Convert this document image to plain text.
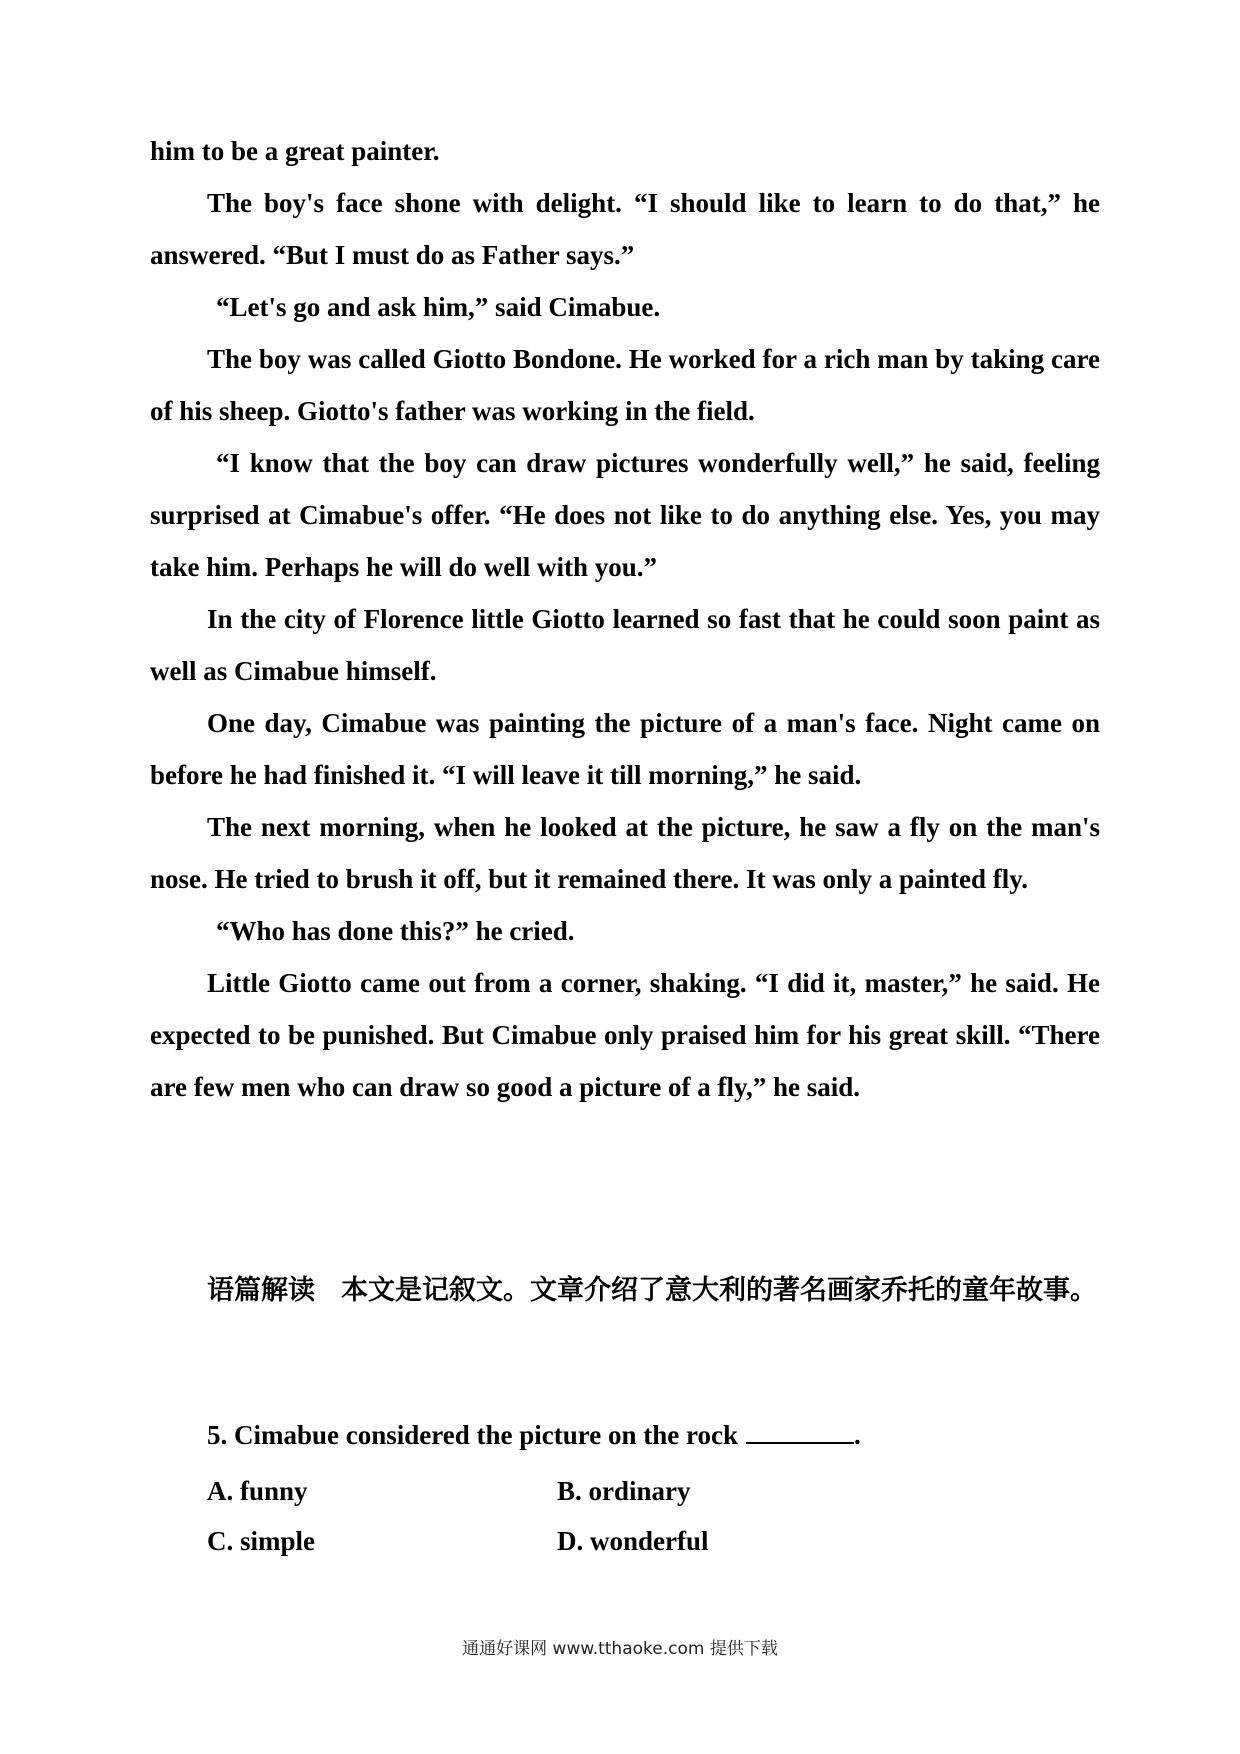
him to be a great painter.

The boy's face shone with delight. “I should like to learn to do that,” he answered. “But I must do as Father says.”

“Let's go and ask him,” said Cimabue.

The boy was called Giotto Bondone. He worked for a rich man by taking care of his sheep. Giotto's father was working in the field.

“I know that the boy can draw pictures wonderfully well,” he said, feeling surprised at Cimabue's offer. “He does not like to do anything else. Yes, you may take him. Perhaps he will do well with you.”

In the city of Florence little Giotto learned so fast that he could soon paint as well as Cimabue himself.

One day, Cimabue was painting the picture of a man's face. Night came on before he had finished it. “I will leave it till morning,” he said.

The next morning, when he looked at the picture, he saw a fly on the man's nose. He tried to brush it off, but it remained there. It was only a painted fly.

“Who has done this?” he cried.

Little Giotto came out from a corner, shaking. “I did it, master,” he said. He expected to be punished. But Cimabue only praised him for his great skill. “There are few men who can draw so good a picture of a fly,” he said.

语篇解读 本文是记叙文。文章介绍了意大利的著名画家乔托的童年故事。
5. Cimabue considered the picture on the rock	.
A. funny	B. ordinary
C. simple	D. wonderful
通通好课网 www.tthaoke.com 提供下载
